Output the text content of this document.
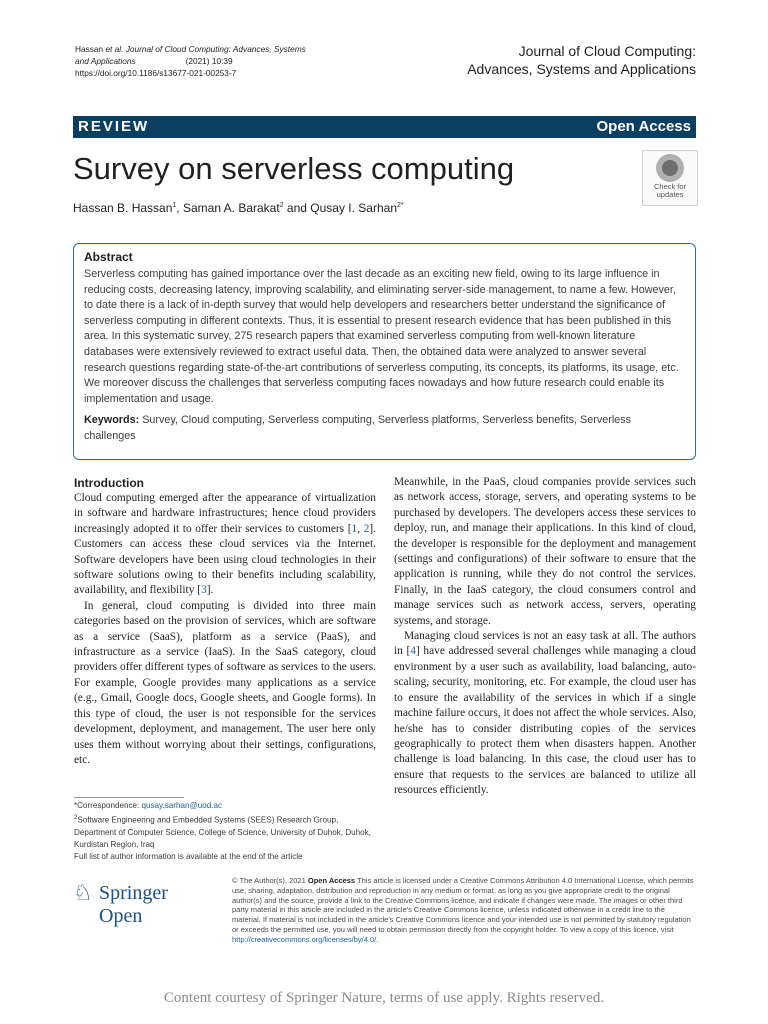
Hassan et al. Journal of Cloud Computing: Advances, Systems
and Applications	(2021) 10:39
https://doi.org/10.1186/s13677-021-00253-7
Journal of Cloud Computing:
Advances, Systems and Applications
REVIEW	Open Access
Survey on serverless computing
Check for
updates
Hassan B. Hassan$^1$, Saman A. Barakat$^2$ and Qusay I. Sarhan$^{2*}$
Abstract
Serverless computing has gained importance over the last decade as an exciting new field, owing to its large influence in reducing costs, decreasing latency, improving scalability, and eliminating server-side management, to name a few. However, to date there is a lack of in-depth survey that would help developers and researchers better understand the significance of serverless computing in different contexts. Thus, it is essential to present research evidence that has been published in this area. In this systematic survey, 275 research papers that examined serverless computing from well-known literature databases were extensively reviewed to extract useful data. Then, the obtained data were analyzed to answer several research questions regarding state-of-the-art contributions of serverless computing, its concepts, its platforms, its usage, etc. We moreover discuss the challenges that serverless computing faces nowadays and how future research could enable its implementation and usage.
Keywords: Survey, Cloud computing, Serverless computing, Serverless platforms, Serverless benefits, Serverless challenges
Introduction

Cloud computing emerged after the appearance of virtualization in software and hardware infrastructures; hence cloud providers increasingly adopted it to offer their services to customers [1, 2]. Customers can access these cloud services via the Internet. Software developers have been using cloud technologies in their software solutions owing to their benefits including scalability, availability, and flexibility [3].

In general, cloud computing is divided into three main categories based on the provision of services, which are software as a service (SaaS), platform as a service (PaaS), and infrastructure as a service (IaaS). In the SaaS category, cloud providers offer different types of software as services to the users. For example, Google provides many applications as a service (e.g., Gmail, Google docs, Google sheets, and Google forms). In this type of cloud, the user is not responsible for the services development, deployment, and management. The user here only uses them without worrying about their settings, configurations, etc.

Meanwhile, in the PaaS, cloud companies provide services such as network access, storage, servers, and operating systems to be purchased by developers. The developers access these services to deploy, run, and manage their applications. In this kind of cloud, the developer is responsible for the deployment and management (settings and configurations) of their software to ensure that the application is running, while they do not control the services. Finally, in the IaaS category, the cloud consumers control and manage services such as network access, servers, operating systems, and storage.

Managing cloud services is not an easy task at all. The authors in [4] have addressed several challenges while managing a cloud environment by a user such as availability, load balancing, auto-scaling, security, monitoring, etc. For example, the cloud user has to ensure the availability of the services in which if a single machine failure occurs, it does not affect the whole services. Also, he/she has to consider distributing copies of the services geographically to protect them when disasters happen. Another challenge is load balancing. In this case, the cloud user has to ensure that requests to the services are balanced to utilize all resources efficiently.

*Correspondence: qusay.sarhan@uod.ac
$^2$Software Engineering and Embedded Systems (SEES) Research Group, Department of Computer Science, College of Science, University of Duhok, Duhok, Kurdistan Region, Iraq
Full list of author information is available at the end of the article
♘ Springer Open
© The Author(s). 2021 Open Access This article is licensed under a Creative Commons Attribution 4.0 International License, which permits use, sharing, adaptation, distribution and reproduction in any medium or format, as long as you give appropriate credit to the original author(s) and the source, provide a link to the Creative Commons licence, and indicate if changes were made. The images or other third party material in this article are included in the article's Creative Commons licence, unless indicated otherwise in a credit line to the material. If material is not included in the article's Creative Commons licence and your intended use is not permitted by statutory regulation or exceeds the permitted use, you will need to obtain permission directly from the copyright holder. To view a copy of this licence, visit http://creativecommons.org/licenses/by/4.0/.
Content courtesy of Springer Nature, terms of use apply. Rights reserved.
